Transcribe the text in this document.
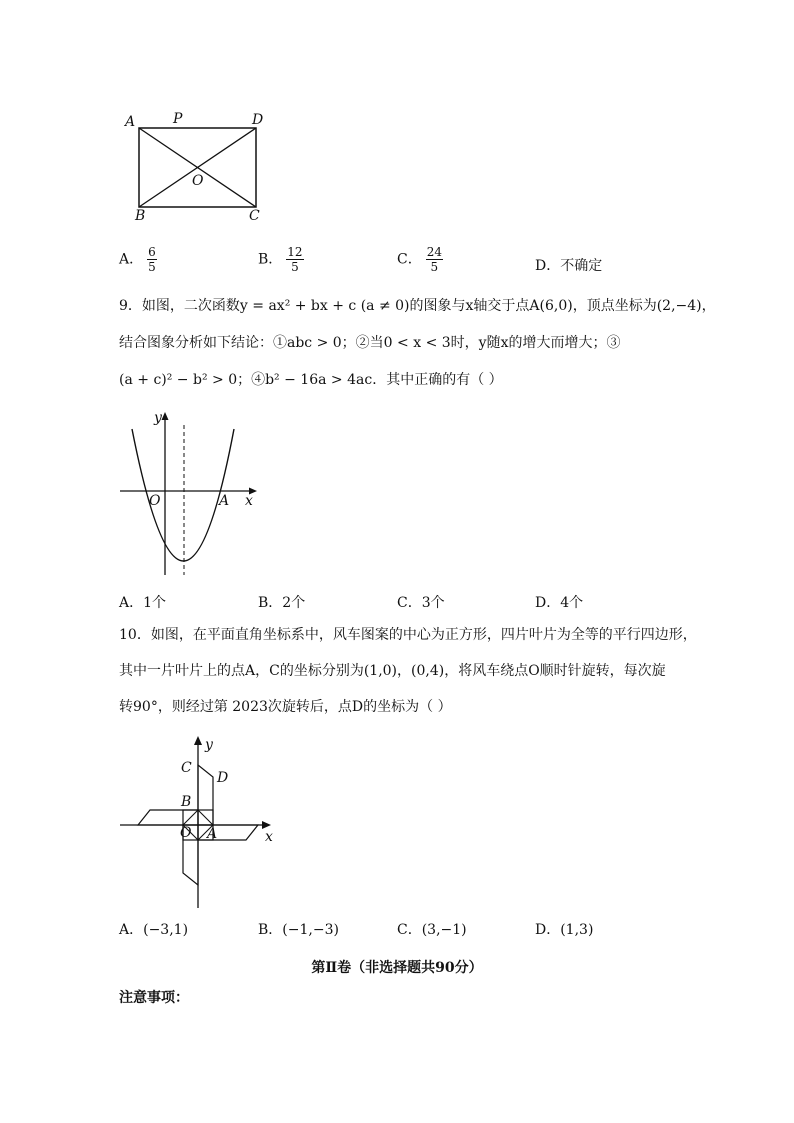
A	P	D
O
B	C
A． $\frac{6}{5}$	B． $\frac{12}{5}$	C． $\frac{24}{5}$	D．不确定
9．如图，二次函数y = ax² + bx + c (a ≠ 0)的图象与x轴交于点A(6,0)，顶点坐标为(2,−4)，
结合图象分析如下结论：①abc > 0；②当0 < x < 3时，y随x的增大而增大；③
(a + c)² − b² > 0；④b² − 16a > 4ac．其中正确的有（ ）
y
x
O	A
A．1个	B．2个	C．3个	D．4个
10．如图，在平面直角坐标系中，风车图案的中心为正方形，四片叶片为全等的平行四边形，
其中一片叶片上的点A，C的坐标分别为(1,0)，(0,4)，将风车绕点O顺时针旋转，每次旋
转90°，则经过第 2023次旋转后，点D的坐标为（ ）
y
x
C
D
B
O A
A．(−3,1)	B．(−1,−3)	C．(3,−1)	D．(1,3)
第Ⅱ卷（非选择题共90分）
注意事项：
